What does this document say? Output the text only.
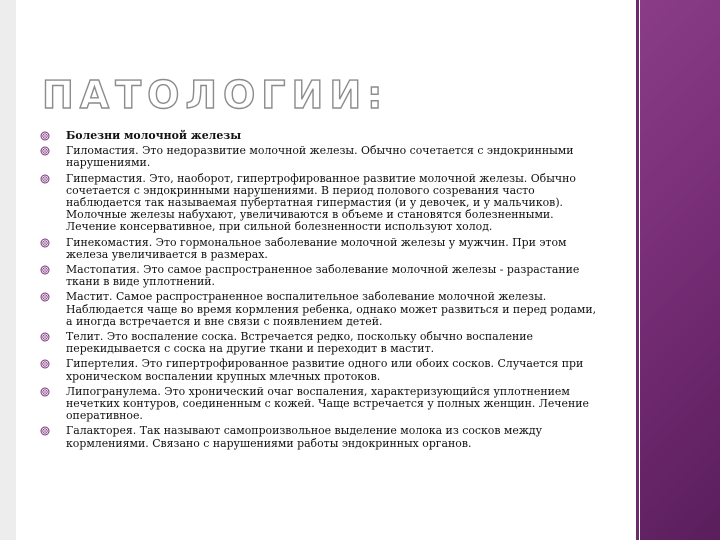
ПАТОЛОГИИ:
Болезни молочной железы
Гиломастия. Это недоразвитие молочной железы. Обычно сочетается с эндокринными нарушениями.
Гипермастия. Это, наоборот, гипертрофированное развитие молочной железы. Обычно сочетается с эндокринными нарушениями. В период полового созревания часто наблюдается так называемая пубертатная гипермастия (и у девочек, и у мальчиков). Молочные железы набухают, увеличиваются в объеме и становятся болезненными. Лечение консервативное, при сильной болезненности используют холод.
Гинекомастия. Это гормональное заболевание молочной железы у мужчин. При этом железа увеличивается в размерах.
Мастопатия. Это самое распространенное заболевание молочной железы - разрастание ткани в виде уплотнений.
Мастит. Самое распространенное воспалительное заболевание молочной железы. Наблюдается чаще во время кормления ребенка, однако может развиться и перед родами, а иногда встречается и вне связи с появлением детей.
Телит. Это воспаление соска. Встречается редко, поскольку обычно воспаление перекидывается с соска на другие ткани и переходит в мастит.
Гипертелия. Это гипертрофированное развитие одного или обоих сосков. Случается при хроническом воспалении крупных млечных протоков.
Липогранулема. Это хронический очаг воспаления, характеризующийся уплотнением нечетких контуров, соединенным с кожей. Чаще встречается у полных женщин. Лечение оперативное.
Галакторея. Так называют самопроизвольное выделение молока из сосков между кормлениями. Связано с нарушениями работы эндокринных органов.
